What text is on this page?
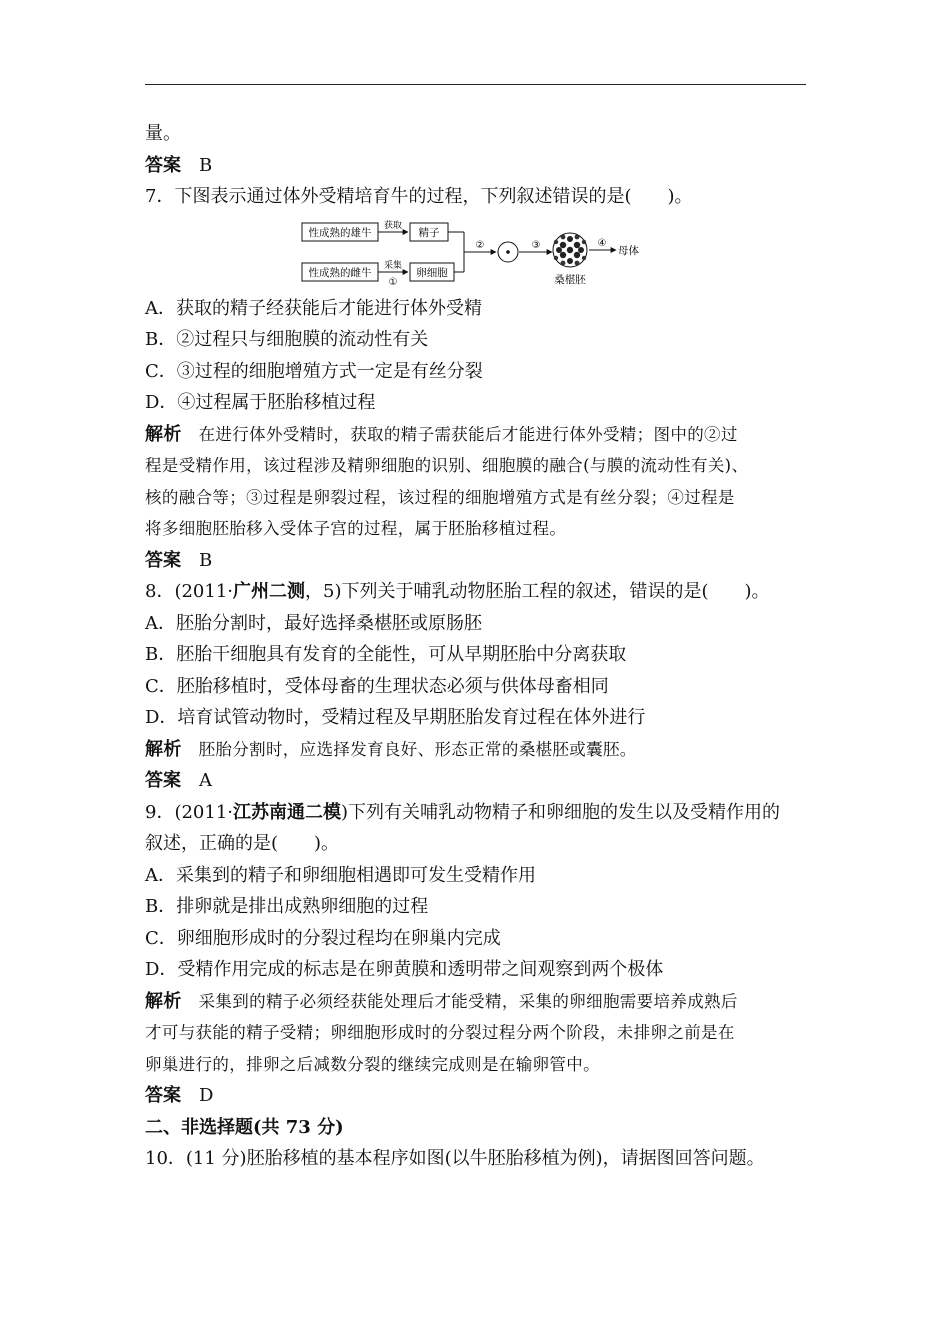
量。
答案　 B
7．下图表示通过体外受精培育牛的过程，下列叙述错误的是(　　)。
性成熟的雄牛
性成熟的雌牛
精子
卵细胞
获取
采集
①
②	③
桑椹胚
④
母体
A．获取的精子经获能后才能进行体外受精
B．②过程只与细胞膜的流动性有关
C．③过程的细胞增殖方式一定是有丝分裂
D．④过程属于胚胎移植过程
解析　 在进行体外受精时，获取的精子需获能后才能进行体外受精；图中的②过
程是受精作用，该过程涉及精卵细胞的识别、细胞膜的融合(与膜的流动性有关)、
核的融合等；③过程是卵裂过程，该过程的细胞增殖方式是有丝分裂；④过程是
将多细胞胚胎移入受体子宫的过程，属于胚胎移植过程。
答案　 B
8．(2011·广州二测，5)下列关于哺乳动物胚胎工程的叙述，错误的是(　　)。
A．胚胎分割时，最好选择桑椹胚或原肠胚
B．胚胎干细胞具有发育的全能性，可从早期胚胎中分离获取
C．胚胎移植时，受体母畜的生理状态必须与供体母畜相同
D．培育试管动物时，受精过程及早期胚胎发育过程在体外进行
解析　 胚胎分割时，应选择发育良好、形态正常的桑椹胚或囊胚。
答案　 A
9．(2011·江苏南通二模)下列有关哺乳动物精子和卵细胞的发生以及受精作用的
叙述，正确的是(　　)。
A．采集到的精子和卵细胞相遇即可发生受精作用
B．排卵就是排出成熟卵细胞的过程
C．卵细胞形成时的分裂过程均在卵巢内完成
D．受精作用完成的标志是在卵黄膜和透明带之间观察到两个极体
解析　 采集到的精子必须经获能处理后才能受精，采集的卵细胞需要培养成熟后
才可与获能的精子受精；卵细胞形成时的分裂过程分两个阶段，未排卵之前是在
卵巢进行的，排卵之后减数分裂的继续完成则是在输卵管中。
答案　 D
二、非选择题(共 73 分)
10．(11 分)胚胎移植的基本程序如图(以牛胚胎移植为例)，请据图回答问题。
